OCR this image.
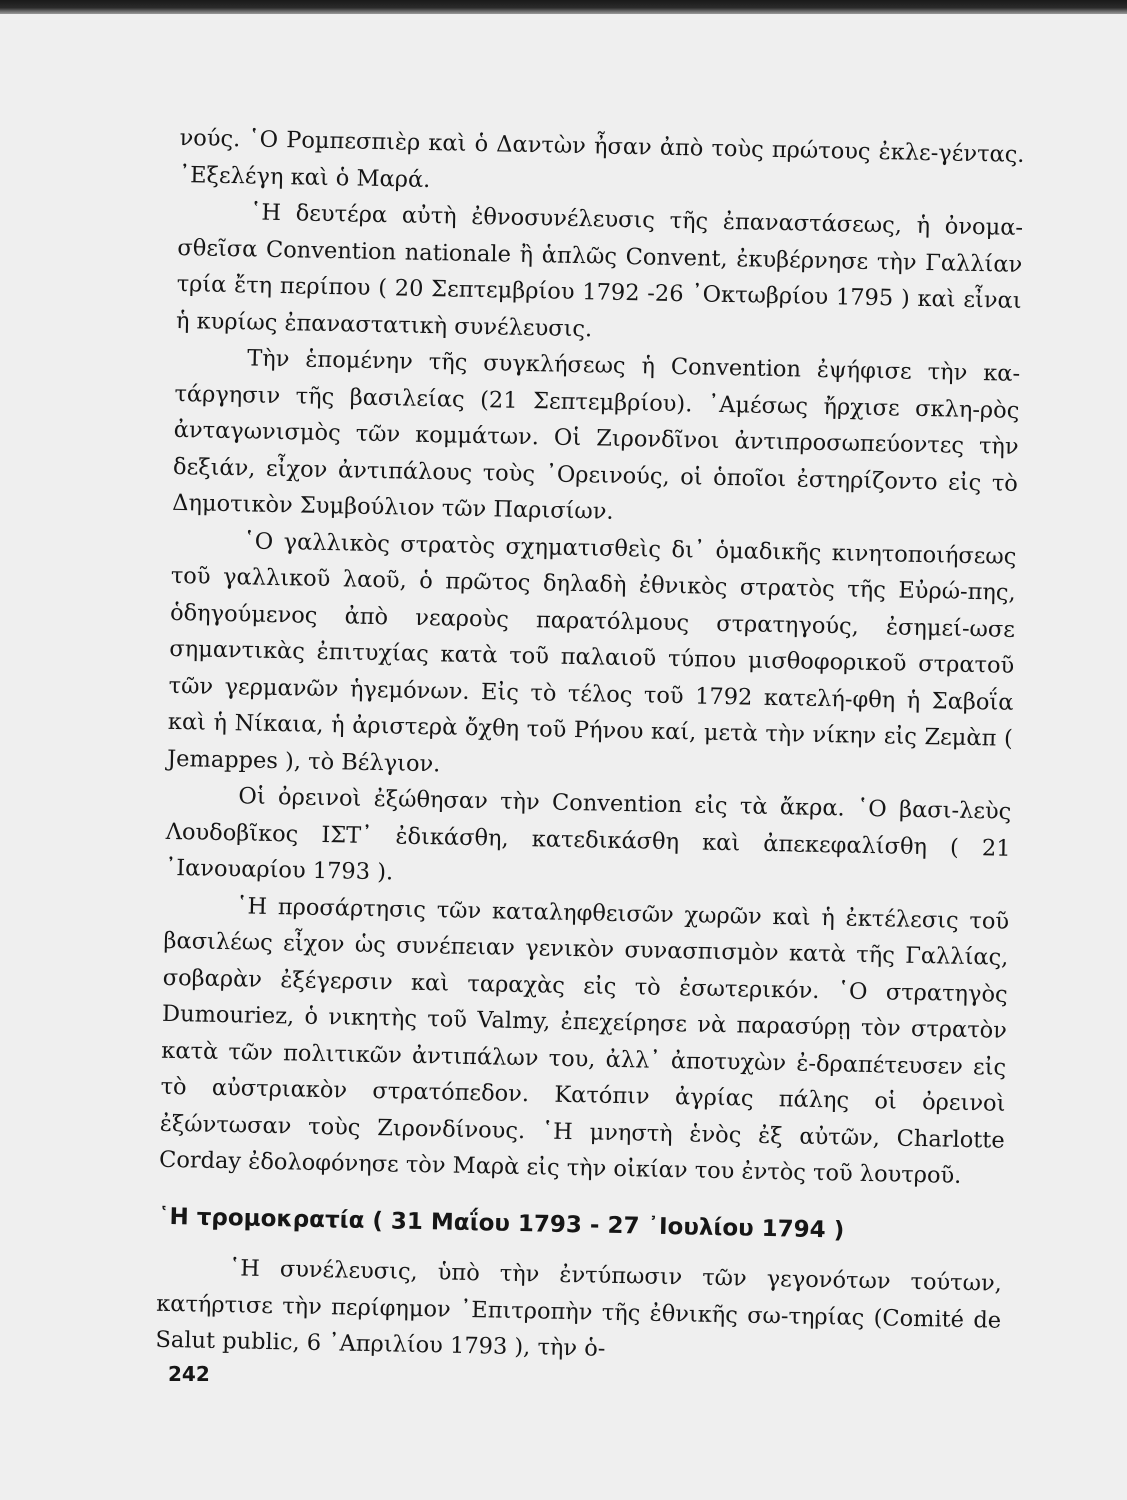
νούς. ῾Ο Ροµπεσπιὲρ καὶ ὁ Δαντὼν ἦσαν ἀπὸ τοὺς πρώτους ἐκλε-γέντας. ᾿Εξελέγη καὶ ὁ Μαρά.

῾Η δευτέρα αὐτὴ ἐθνοσυνέλευσις τῆς ἐπαναστάσεως, ἡ ὀνομα-σθεῖσα Convention nationale ἢ ἁπλῶς Convent, ἐκυβέρνησε τὴν Γαλλίαν τρία ἔτη περίπου ( 20 Σεπτεμβρίου 1792 -26 ᾿Οκτωβρίου 1795 ) καὶ εἶναι ἡ κυρίως ἐπαναστατικὴ συνέλευσις.

Τὴν ἑπομένην τῆς συγκλήσεως ἡ Convention ἐψήφισε τὴν κα-τάργησιν τῆς βασιλείας (21 Σεπτεμβρίου). ᾿Αμέσως ἤρχισε σκλη-ρὸς ἀνταγωνισμὸς τῶν κομμάτων. Οἱ Ζιρονδῖνοι ἀντιπροσωπεύοντες τὴν δεξιάν, εἶχον ἀντιπάλους τοὺς ᾿Ορεινούς, οἱ ὁποῖοι ἐστηρίζοντο εἰς τὸ Δημοτικὸν Συμβούλιον τῶν Παρισίων.

῾Ο γαλλικὸς στρατὸς σχηματισθεὶς δι᾿ ὁμαδικῆς κινητοποιήσεως τοῦ γαλλικοῦ λαοῦ, ὁ πρῶτος δηλαδὴ ἐθνικὸς στρατὸς τῆς Εὐρώ-πης, ὁδηγούμενος ἀπὸ νεαροὺς παρατόλμους στρατηγούς, ἐσημεί-ωσε σημαντικὰς ἐπιτυχίας κατὰ τοῦ παλαιοῦ τύπου μισθοφορικοῦ στρατοῦ τῶν γερμανῶν ἡγεμόνων. Εἰς τὸ τέλος τοῦ 1792 κατελή-φθη ἡ Σαβοΐα καὶ ἡ Νίκαια, ἡ ἀριστερὰ ὄχθη τοῦ Ρήνου καί, μετὰ τὴν νίκην εἰς Ζεμὰπ ( Jemappes ), τὸ Βέλγιον.

Οἱ ὀρεινοὶ ἐξώθησαν τὴν Convention εἰς τὰ ἄκρα. ῾Ο βασι-λεὺς Λουδοβῖκος ΙΣΤ᾿ ἐδικάσθη, κατεδικάσθη καὶ ἀπεκεφαλίσθη ( 21 ᾿Ιανουαρίου 1793 ).

῾Η προσάρτησις τῶν καταληφθεισῶν χωρῶν καὶ ἡ ἐκτέλεσις τοῦ βασιλέως εἶχον ὡς συνέπειαν γενικὸν συνασπισμὸν κατὰ τῆς Γαλλίας, σοβαρὰν ἐξέγερσιν καὶ ταραχὰς εἰς τὸ ἐσωτερικόν. ῾Ο στρατηγὸς Dumouriez, ὁ νικητὴς τοῦ Valmy, ἐπεχείρησε νὰ παρασύρῃ τὸν στρατὸν κατὰ τῶν πολιτικῶν ἀντιπάλων του, ἀλλ᾿ ἀποτυχὼν ἐ-δραπέτευσεν εἰς τὸ αὐστριακὸν στρατόπεδον. Κατόπιν ἀγρίας πάλης οἱ ὀρεινοὶ ἐξώντωσαν τοὺς Ζιρονδίνους. ῾Η μνηστὴ ἑνὸς ἐξ αὐτῶν, Charlotte Corday ἐδολοφόνησε τὸν Μαρὰ εἰς τὴν οἰκίαν του ἐντὸς τοῦ λουτροῦ.

῾Η τρομοκρατία ( 31 Μαΐου 1793 - 27 ᾿Ιουλίου 1794 )

῾Η συνέλευσις, ὑπὸ τὴν ἐντύπωσιν τῶν γεγονότων τούτων, κατήρτισε τὴν περίφημον ᾿Επιτροπὴν τῆς ἐθνικῆς σω-τηρίας (Comité de Salut public, 6 ᾿Απριλίου 1793 ), τὴν ὁ-

242
